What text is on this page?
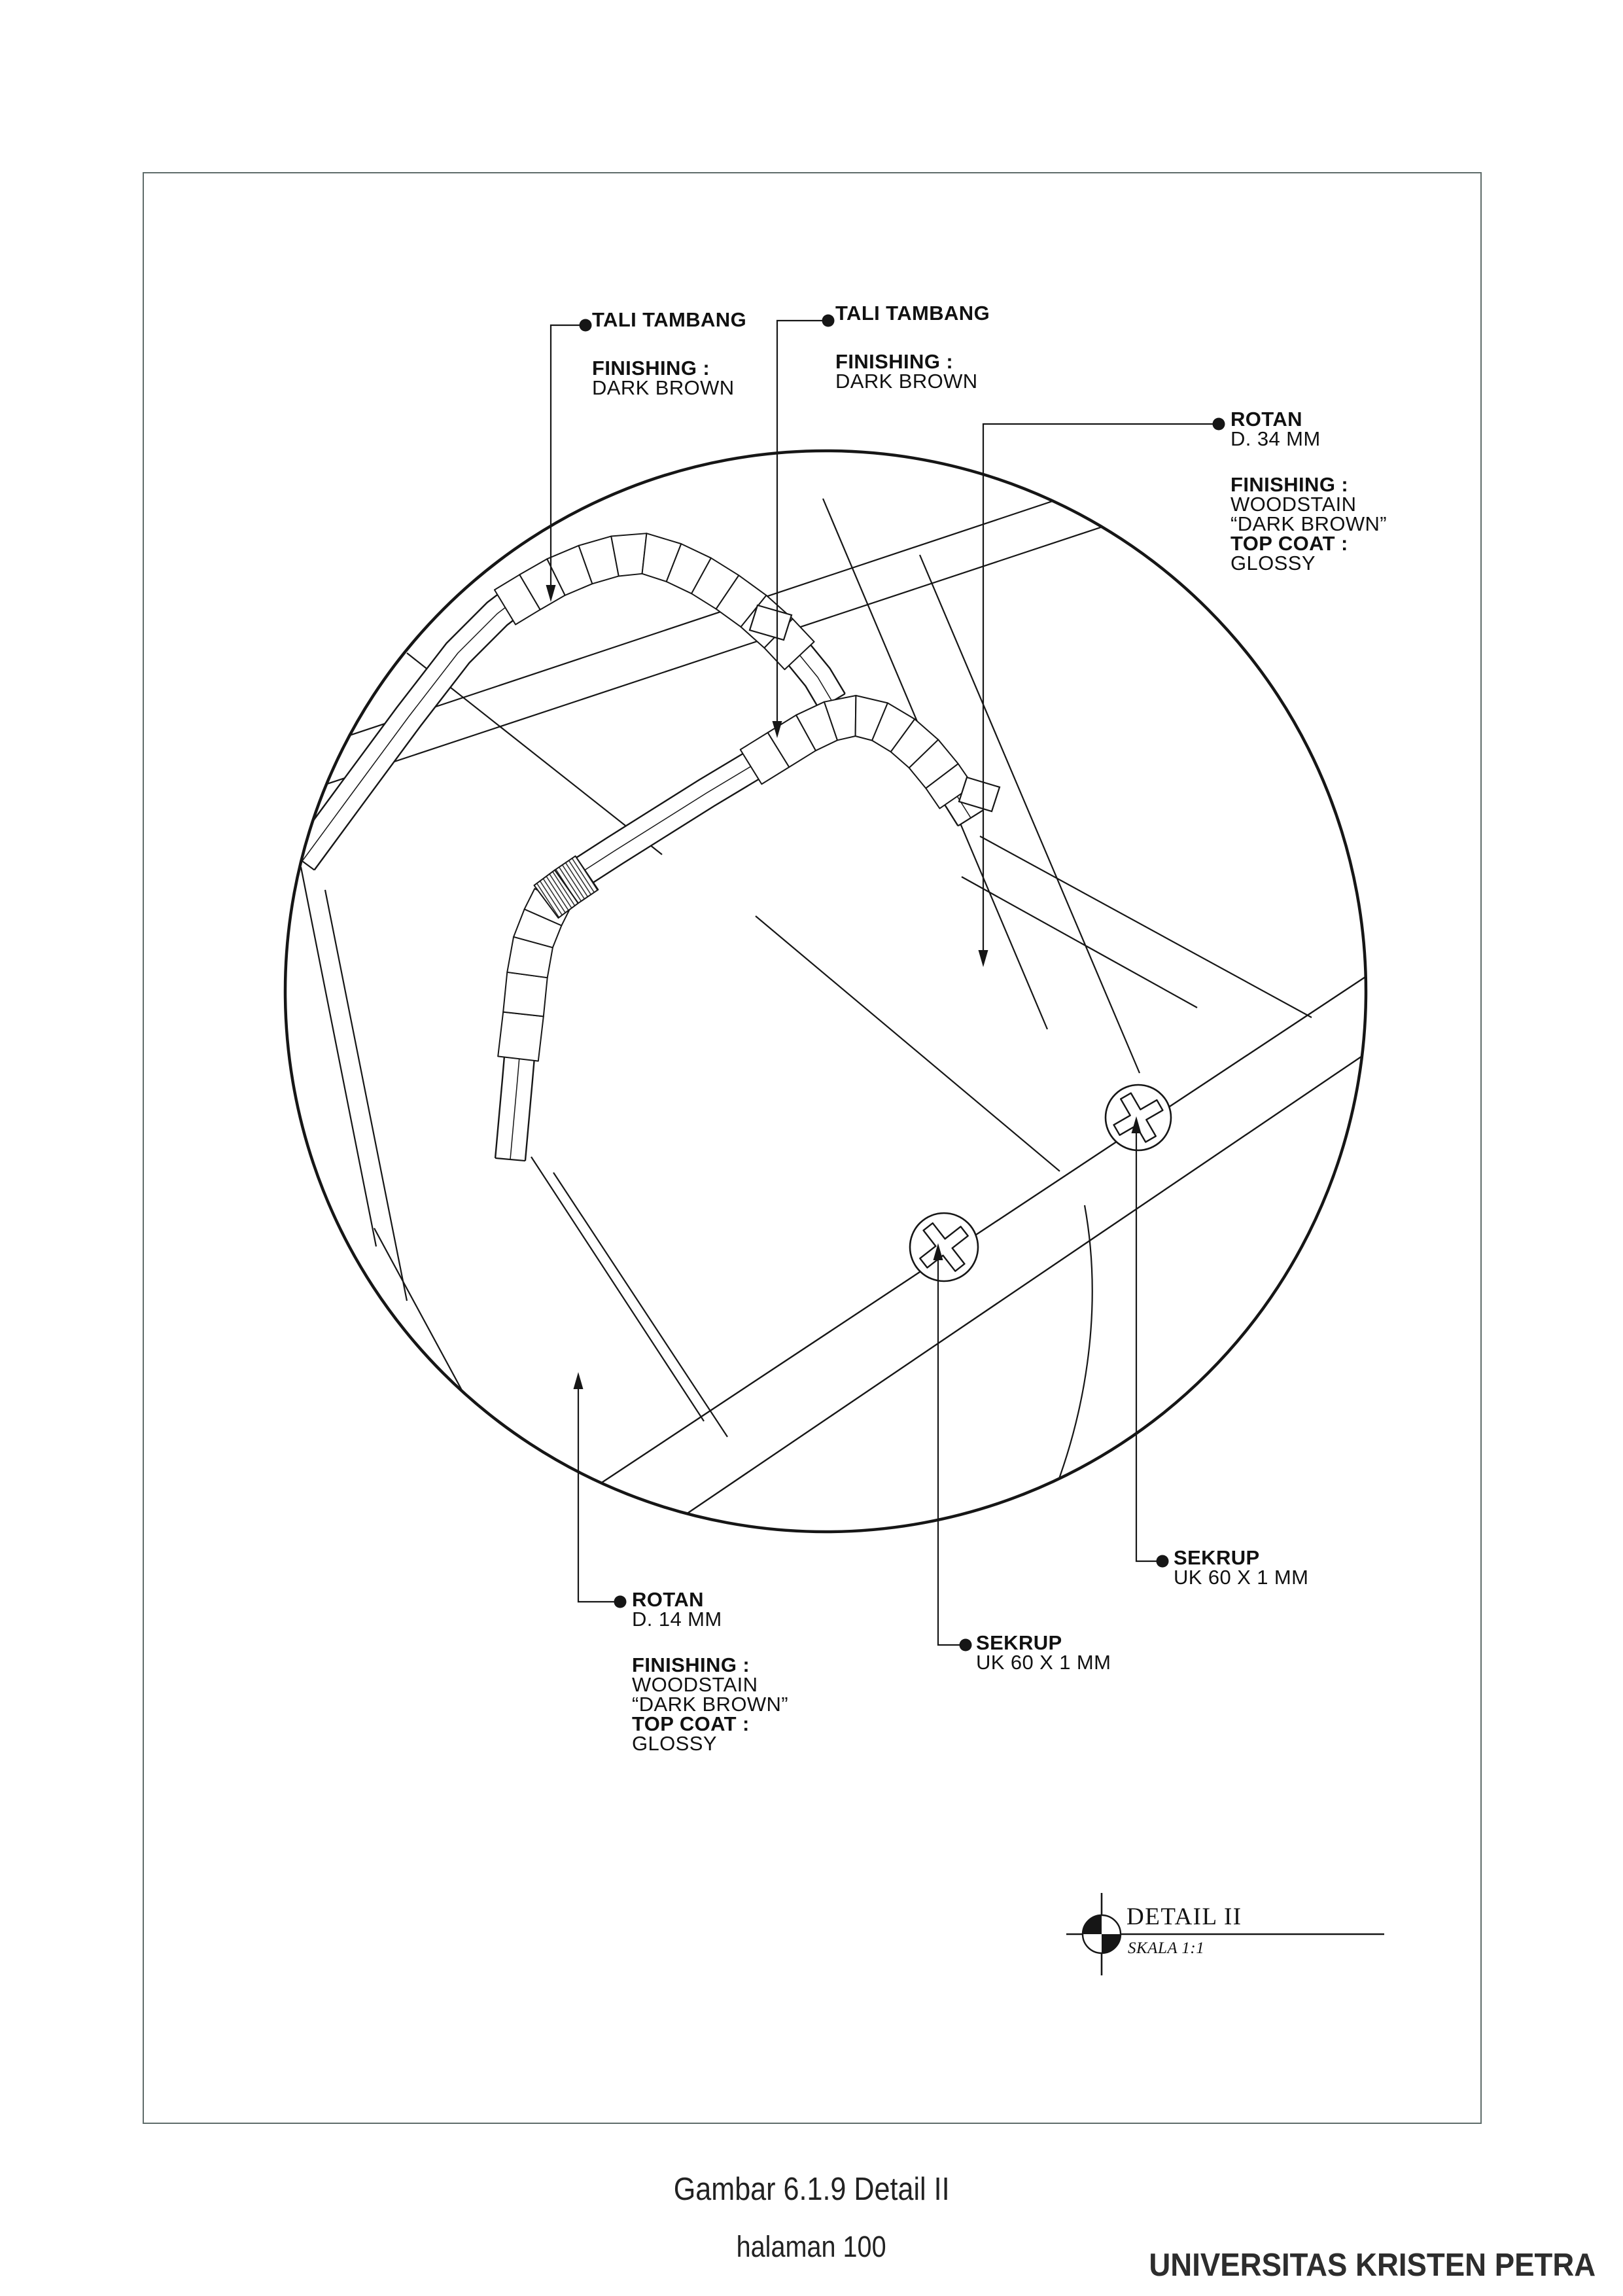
TALI TAMBANG
FINISHING :
DARK BROWN
TALI TAMBANG
FINISHING :
DARK BROWN
ROTAN
D. 34 MM
FINISHING :
WOODSTAIN
“DARK BROWN”
TOP COAT :
GLOSSY
ROTAN
D. 14 MM
FINISHING :
WOODSTAIN
“DARK BROWN”
TOP COAT :
GLOSSY
SEKRUP
UK 60 X 1 MM
SEKRUP
UK 60 X 1 MM
DETAIL II
SKALA 1:1
Gambar 6.1.9 Detail II
halaman 100
UNIVERSITAS KRISTEN PETRA
